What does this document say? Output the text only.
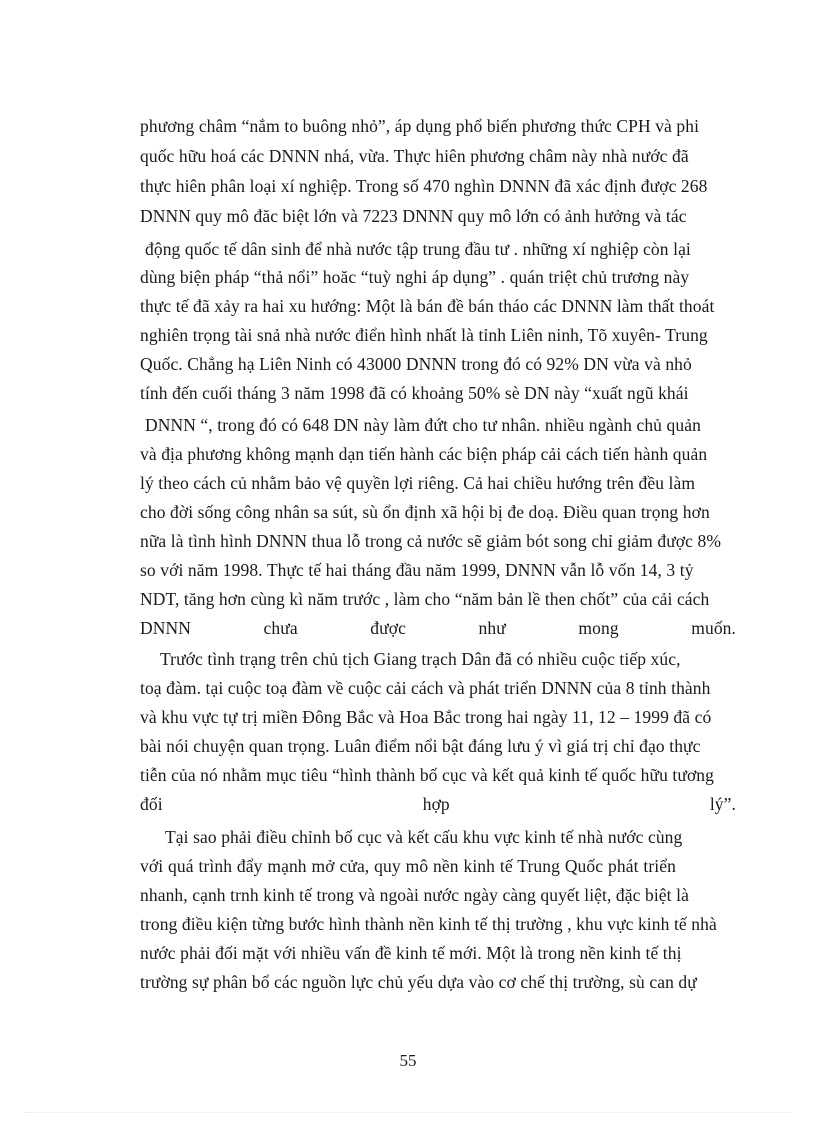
phương châm “nắm to buông nhỏ”, áp dụng phổ biến phương thức CPH và phi
quốc hữu hoá các DNNN nhá, vừa. Thực hiên phương châm này nhà nước đã
thực hiên phân loại xí nghiệp. Trong số 470 nghìn DNNN đã xác định được 268
DNNN quy mô đăc biệt lớn và 7223 DNNN quy mô lớn có ảnh hưởng và tác
động quốc tế dân sinh để nhà nước tập trung đầu tư . những xí nghiệp còn lại
dùng biện pháp “thả nổi” hoăc “tuỳ nghi áp dụng” . quán triệt chủ trương này
thực tế đã xảy ra hai xu hướng: Một là bán đề bán tháo các DNNN làm thất thoát
nghiên trọng tài snả nhà nước điển hình nhất là tỉnh Liên ninh, Tõ xuyên- Trung
Quốc. Chẳng hạ Liên Ninh có 43000 DNNN trong đó có 92% DN vừa và nhỏ
tính đến cuối tháng 3 năm 1998 đã có khoảng 50% sè DN này “xuất ngũ khái
DNNN “, trong đó có 648 DN này làm đứt cho tư nhân. nhiều ngành chủ quản
và địa phương không mạnh dạn tiến hành các biện pháp cải cách tiến hành quản
lý theo cách củ nhằm bảo vệ quyền lợi riêng. Cả hai chiều hướng trên đều làm
cho đời sống công nhân sa sút, sù ổn định xã hội bị đe doạ. Điều quan trọng hơn
nữa là tình hình DNNN thua lỗ trong cả nước sẽ giảm bót song chỉ giảm được 8%
so với năm 1998. Thực tế hai tháng đầu năm 1999, DNNN vẫn lỗ vốn 14, 3 tỷ
NDT, tăng hơn cùng kì năm trước , làm cho “năm bản lề then chốt” của cải cách
DNNN chưa được như mong muốn.
Trước tình trạng trên chủ tịch Giang trạch Dân đã có nhiều cuộc tiếp xúc,
toạ đàm. tại cuộc toạ đàm về cuộc cải cách và phát triển DNNN của 8 tỉnh thành
và khu vực tự trị miền Đông Bắc và Hoa Bắc trong hai ngày 11, 12 – 1999 đã có
bài nói chuyện quan trọng. Luân điểm nổi bật đáng lưu ý vì giá trị chỉ đạo thực
tiễn của nó nhằm mục tiêu “hình thành bố cục và kết quả kinh tế quốc hữu tương
đối hợp lý”.
Tại sao phải điều chỉnh bố cục và kết cấu khu vực kinh tế nhà nước cùng
với quá trình đẩy mạnh mở cửa, quy mô nền kinh tế Trung Quốc phát triển
nhanh, cạnh trnh kinh tế trong và ngoài nước ngày càng quyết liệt, đặc biệt là
trong điều kiện từng bước hình thành nền kinh tế thị trường , khu vực kinh tế nhà
nước phải đối mặt với nhiều vấn đề kinh tế mới. Một là trong nền kinh tế thị
trường sự phân bổ các nguồn lực chủ yếu dựa vào cơ chế thị trường, sù can dự
55
